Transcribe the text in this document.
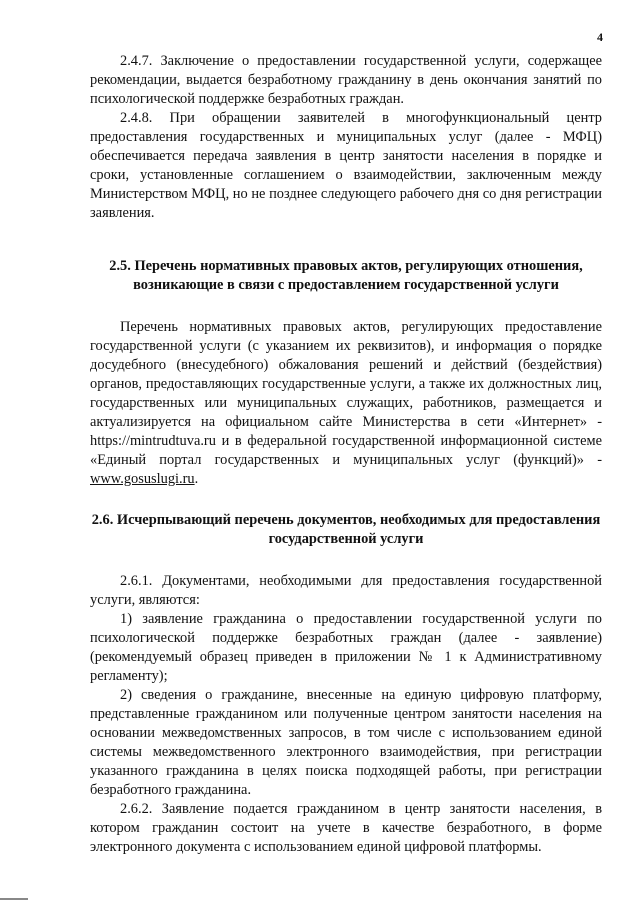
4

2.4.7. Заключение о предоставлении государственной услуги, содержащее рекомендации, выдается безработному гражданину в день окончания занятий по психологической поддержке безработных граждан.

2.4.8. При обращении заявителей в многофункциональный центр предоставления государственных и муниципальных услуг (далее - МФЦ) обеспечивается передача заявления в центр занятости населения в порядке и сроки, установленные соглашением о взаимодействии, заключенным между Министерством МФЦ, но не позднее следующего рабочего дня со дня регистрации заявления.

2.5. Перечень нормативных правовых актов, регулирующих отношения, возникающие в связи с предоставлением государственной услуги

Перечень нормативных правовых актов, регулирующих предоставление государственной услуги (с указанием их реквизитов), и информация о порядке досудебного (внесудебного) обжалования решений и действий (бездействия) органов, предоставляющих государственные услуги, а также их должностных лиц, государственных или муниципальных служащих, работников, размещается и актуализируется на официальном сайте Министерства в сети «Интернет» - https://mintrudtuva.ru и в федеральной государственной информационной системе «Единый портал государственных и муниципальных услуг (функций)» - www.gosuslugi.ru.

2.6. Исчерпывающий перечень документов, необходимых для предоставления государственной услуги

2.6.1. Документами, необходимыми для предоставления государственной услуги, являются:

1) заявление гражданина о предоставлении государственной услуги по психологической поддержке безработных граждан (далее - заявление) (рекомендуемый образец приведен в приложении № 1 к Административному регламенту);

2) сведения о гражданине, внесенные на единую цифровую платформу, представленные гражданином или полученные центром занятости населения на основании межведомственных запросов, в том числе с использованием единой системы межведомственного электронного взаимодействия, при регистрации указанного гражданина в целях поиска подходящей работы, при регистрации безработного гражданина.

2.6.2. Заявление подается гражданином в центр занятости населения, в котором гражданин состоит на учете в качестве безработного, в форме электронного документа с использованием единой цифровой платформы.
